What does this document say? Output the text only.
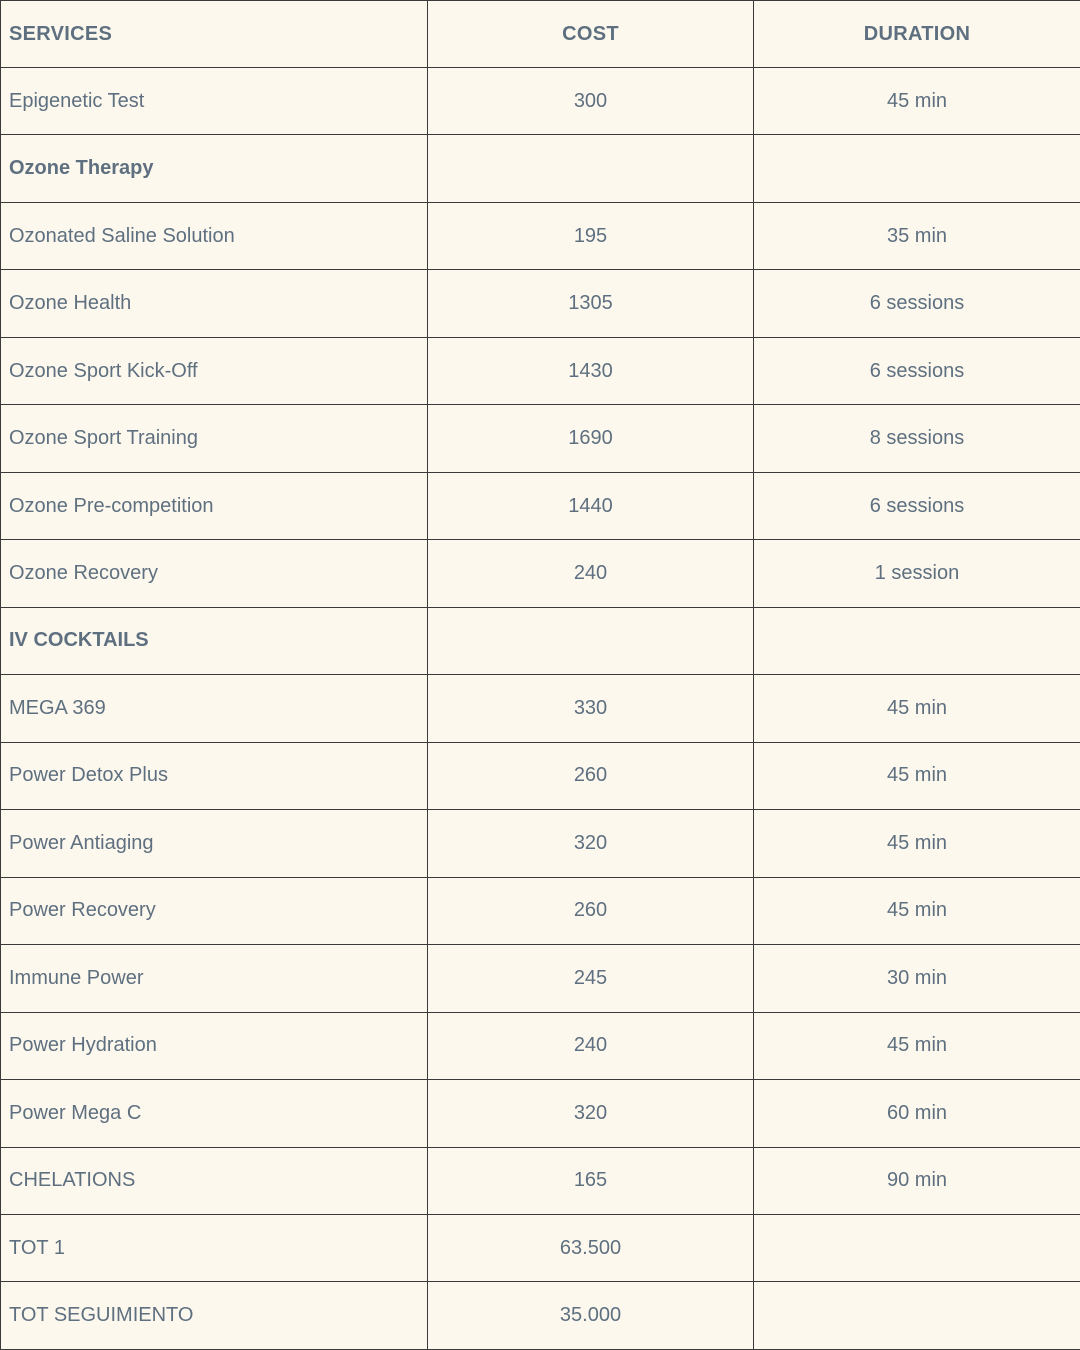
SERVICES	COST	DURATION
Epigenetic Test	300	45 min
Ozone Therapy		
Ozonated Saline Solution	195	35 min
Ozone Health	1305	6 sessions
Ozone Sport Kick-Off	1430	6 sessions
Ozone Sport Training	1690	8 sessions
Ozone Pre-competition	1440	6 sessions
Ozone Recovery	240	1 session
IV COCKTAILS		
MEGA 369	330	45 min
Power Detox Plus	260	45 min
Power Antiaging	320	45 min
Power Recovery	260	45 min
Immune Power	245	30 min
Power Hydration	240	45 min
Power Mega C	320	60 min
CHELATIONS	165	90 min
TOT 1	63.500	
TOT SEGUIMIENTO	35.000	
